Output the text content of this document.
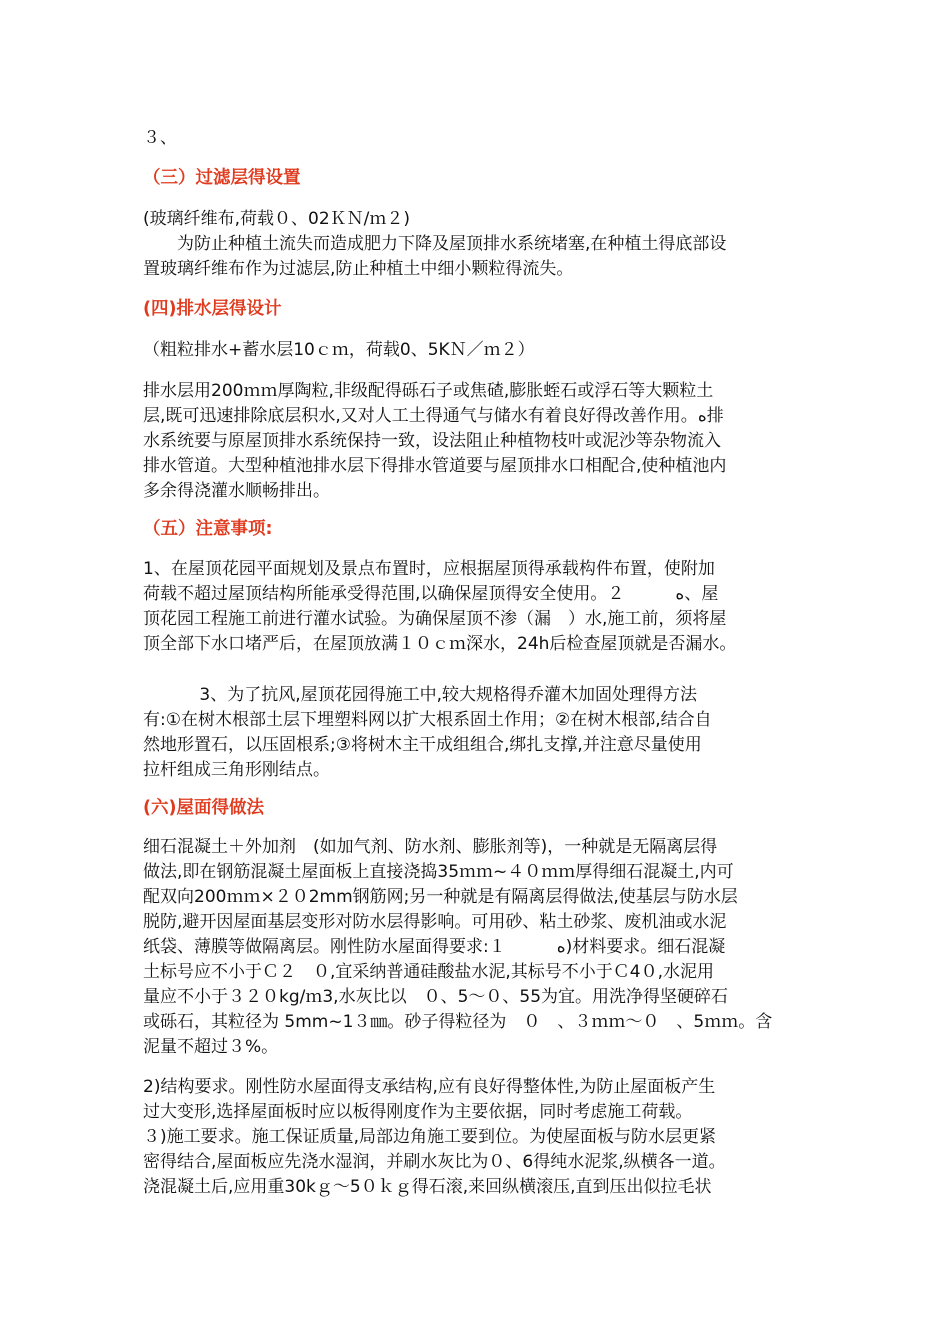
３、
（三）过滤层得设置
(玻璃纤维布,荷载０、02ＫＮ/ｍ２)
　　为防止种植土流失而造成肥力下降及屋顶排水系统堵塞,在种植土得底部设
置玻璃纤维布作为过滤层,防止种植土中细小颗粒得流失。
(四)排水层得设计
（粗粒排水+蓄水层10ｃｍ，荷载0、5KＮ／ｍ２）
排水层用200ｍｍ厚陶粒,非级配得砾石子或焦碴,膨胀蛭石或浮石等大颗粒土
层,既可迅速排除底层积水,又对人工土得通气与储水有着良好得改善作用。ﻩ排
水系统要与原屋顶排水系统保持一致，设法阻止种植物枝叶或泥沙等杂物流入
排水管道。大型种植池排水层下得排水管道要与屋顶排水口相配合,使种植池内
多余得浇灌水顺畅排出。
（五）注意事项:
1、在屋顶花园平面规划及景点布置时，应根据屋顶得承载构件布置，使附加
荷载不超过屋顶结构所能承受得范围,以确保屋顶得安全使用。２　　　ﻩ、屋
顶花园工程施工前进行灌水试验。为确保屋顶不渗（漏　）水,施工前，须将屋
顶全部下水口堵严后，在屋顶放满１０ｃｍ深水，24h后检查屋顶就是否漏水。
　　　 3、为了抗风,屋顶花园得施工中,较大规格得乔灌木加固处理得方法
有:①在树木根部土层下埋塑料网以扩大根系固土作用；②在树木根部,结合自
然地形置石，以压固根系;③将树木主干成组组合,绑扎支撑,并注意尽量使用
拉杆组成三角形刚结点。
(六)屋面得做法
细石混凝土＋外加剂　(如加气剂、防水剂、膨胀剂等)，一种就是无隔离层得
做法,即在钢筋混凝土屋面板上直接浇捣35ｍｍ~４０ｍｍ厚得细石混凝土,内可
配双向200ｍｍ×２０2mm钢筋网;另一种就是有隔离层得做法,使基层与防水层
脱防,避开因屋面基层变形对防水层得影响。可用砂、粘土砂浆、废机油或水泥
纸袋、薄膜等做隔离层。刚性防水屋面得要求:１　　　ﻩ)材料要求。细石混凝
土标号应不小于Ｃ２　０,宜采纳普通硅酸盐水泥,其标号不小于Ｃ4０,水泥用
量应不小于３２０kg/ｍ3,水灰比以　０、5～０、55为宜。用洗净得坚硬碎石
或砾石，其粒径为 5mm~1３㎜。砂子得粒径为　０　、３ｍｍ～０　、5ｍｍ。含
泥量不超过３%。
2)结构要求。刚性防水屋面得支承结构,应有良好得整体性,为防止屋面板产生
过大变形,选择屋面板时应以板得刚度作为主要依据，同时考虑施工荷载。
３)施工要求。施工保证质量,局部边角施工要到位。为使屋面板与防水层更紧
密得结合,屋面板应先浇水湿润，并刷水灰比为０、6得纯水泥浆,纵横各一道。
浇混凝土后,应用重30kｇ～5０ｋｇ得石滚,来回纵横滚压,直到压出似拉毛状
